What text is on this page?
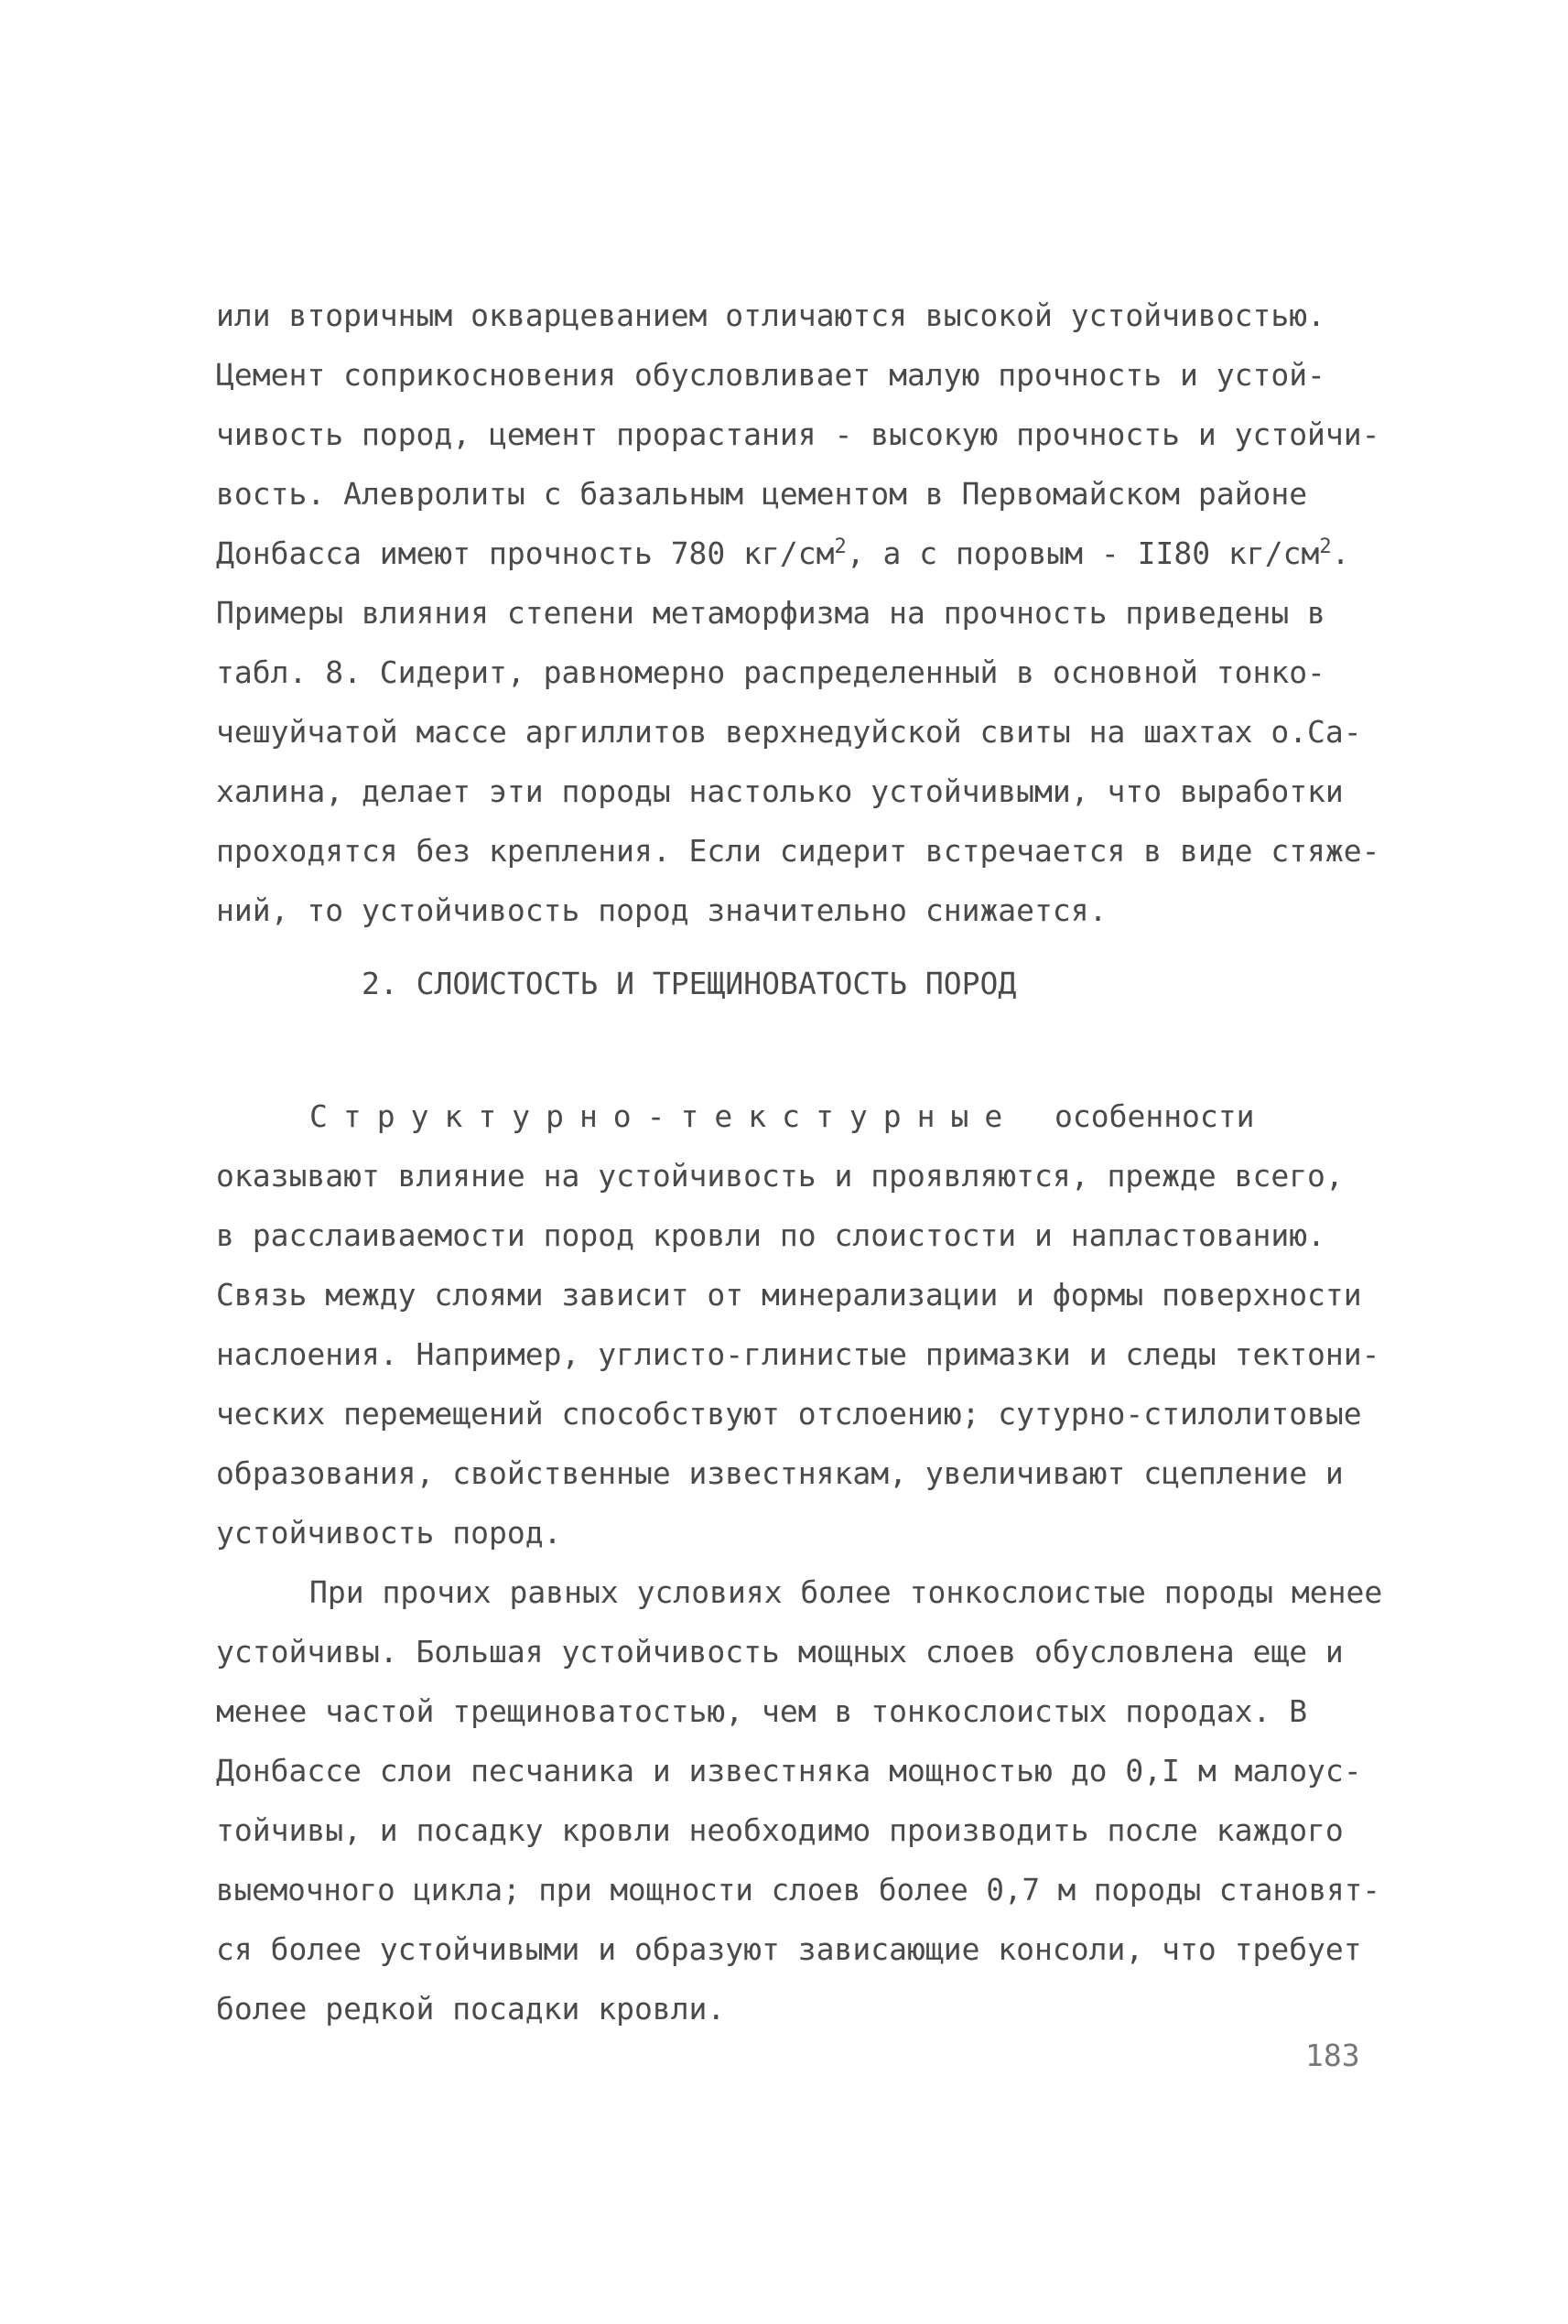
или вторичным окварцеванием отличаются высокой устойчивостью.
Цемент соприкосновения обусловливает малую прочность и устой-
чивость пород, цемент прорастания - высокую прочность и устойчи-
вость. Алевролиты с базальным цементом в Первомайском районе
Донбасса имеют прочность 780 $кг/см^2$, а с поровым - II80 $кг/см^2$.
Примеры влияния степени метаморфизма на прочность приведены в
табл. 8. Сидерит, равномерно распределенный в основной тонко-
чешуйчатой массе аргиллитов верхнедуйской свиты на шахтах о.Са-
халина, делает эти породы настолько устойчивыми, что выработки
проходятся без крепления. Если сидерит встречается в виде стяже-
ний, то устойчивость пород значительно снижается.
2. СЛОИСТОСТЬ И ТРЕЩИНОВАТОСТЬ ПОРОД
Структурно-текстурные особенности
оказывают влияние на устойчивость и проявляются, прежде всего,
в расслаиваемости пород кровли по слоистости и напластованию.
Связь между слоями зависит от минерализации и формы поверхности
наслоения. Например, углисто-глинистые примазки и следы тектони-
ческих перемещений способствуют отслоению; сутурно-стилолитовые
образования, свойственные известнякам, увеличивают сцепление и
устойчивость пород.
При прочих равных условиях более тонкослоистые породы менее
устойчивы. Большая устойчивость мощных слоев обусловлена еще и
менее частой трещиноватостью, чем в тонкослоистых породах. В
Донбассе слои песчаника и известняка мощностью до 0,I м малоус-
тойчивы, и посадку кровли необходимо производить после каждого
выемочного цикла; при мощности слоев более 0,7 м породы становят-
ся более устойчивыми и образуют зависающие консоли, что требует
более редкой посадки кровли.
183
